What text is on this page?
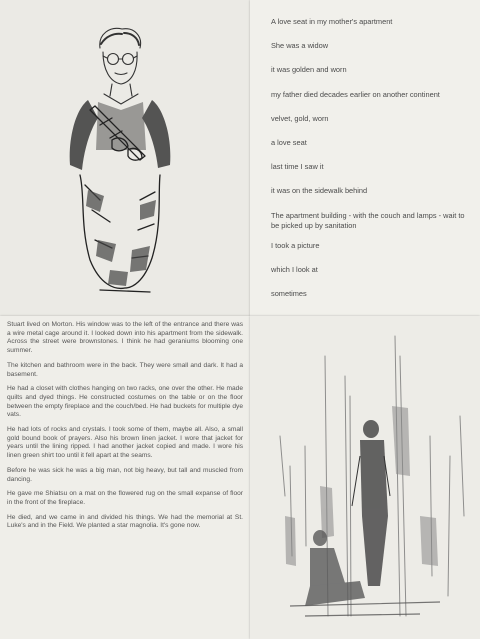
A love seat in my mother's apartment
She was a widow
it was golden and worn
my father died decades earlier on another continent
velvet, gold, worn
a love seat
last time I saw it
it was on the sidewalk behind
The apartment building - with the couch and lamps - wait to be picked up by sanitation
I took a picture
which I look at
sometimes

Stuart lived on Morton. His window was to the left of the entrance and there was a wire metal cage around it. I looked down into his apartment from the sidewalk. Across the street were brownstones. I think he had geraniums blooming one summer.

The kitchen and bathroom were in the back. They were small and dark. It had a basement.

He had a closet with clothes hanging on two racks, one over the other. He made quilts and dyed things. He constructed costumes on the table or on the floor between the empty fireplace and the couch/bed. He had buckets for multiple dye vats.

He had lots of rocks and crystals. I took some of them, maybe all. Also, a small gold bound book of prayers. Also his brown linen jacket. I wore that jacket for years until the lining ripped. I had another jacket copied and made. I wore his linen green shirt too until it fell apart at the seams.

Before he was sick he was a big man, not big heavy, but tall and muscled from dancing.

He gave me Shiatsu on a mat on the flowered rug on the small expanse of floor in the front of the fireplace.

He died, and we came in and divided his things. We had the memorial at St. Luke's and in the Field. We planted a star magnolia. It's gone now.
